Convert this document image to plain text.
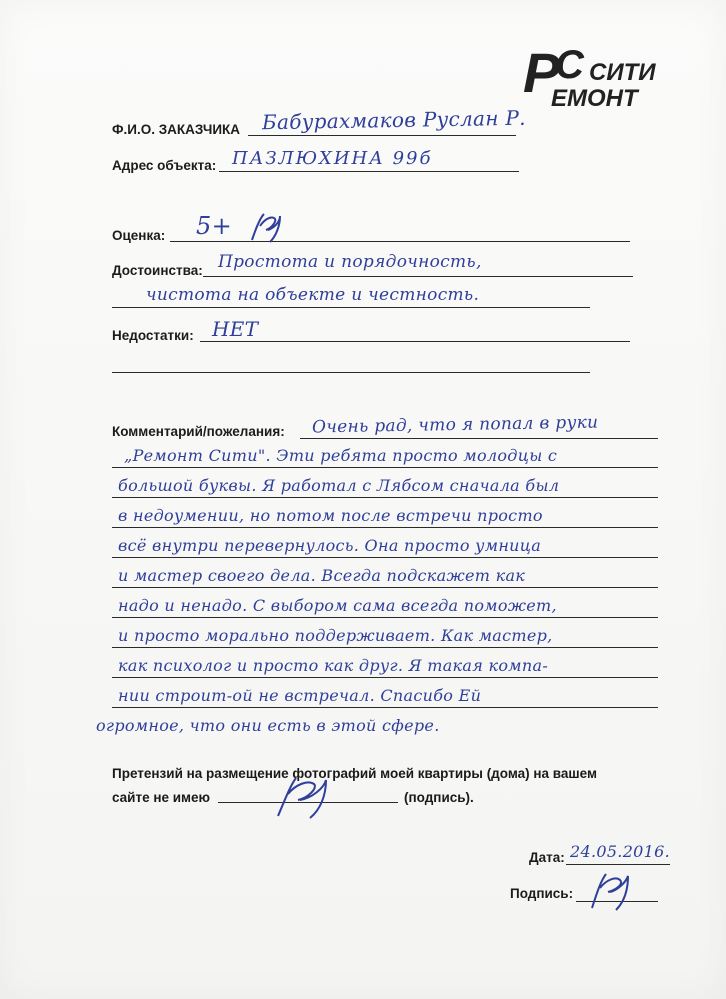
Р
С СИТИ
ЕМОНТ
Ф.И.О. ЗАКАЗЧИКА Бабурахмаков Руслан Р.
Адрес объекта: ПАЗЛЮХИНА 99б
Оценка: 5+
Достоинства: Простота и порядочность,
чистота на объекте и честность.
Недостатки: НЕТ
Комментарий/пожелания: Очень рад, что я попал в руки
„Ремонт Сити". Эти ребята просто молодцы с
большой буквы. Я работал с Лябсом сначала был
в недоумении, но потом после встречи просто
всё внутри перевернулось. Она просто умница
и мастер своего дела. Всегда подскажет как
надо и ненадо. С выбором сама всегда поможет,
и просто морально поддерживает. Как мастер,
как психолог и просто как друг. Я такая компа-
нии строит-ой не встречал. Спасибо Ей
огромное, что они есть в этой сфере.
Претензий на размещение фотографий моей квартиры (дома) на вашем
сайте не имею	(подпись).
Дата: 24.05.2016.
Подпись:
